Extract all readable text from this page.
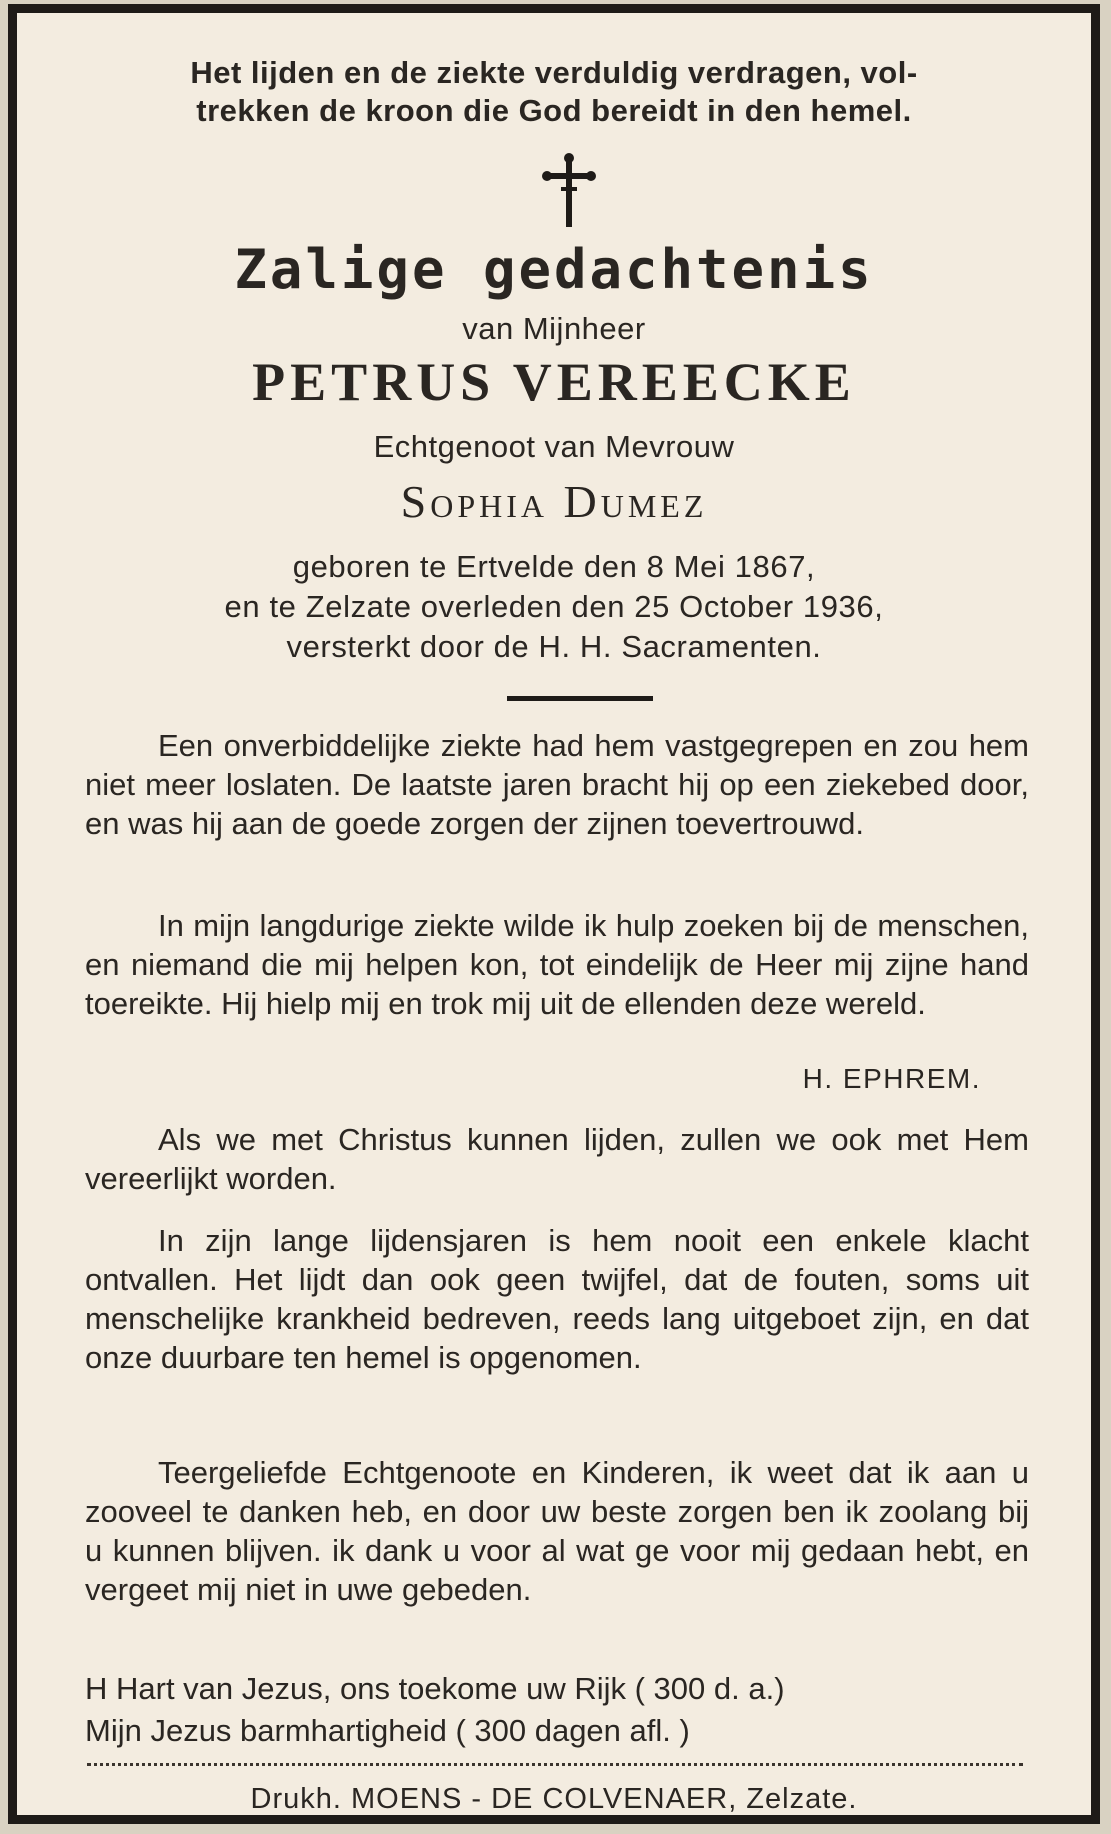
Het lijden en de ziekte verduldig verdragen, vol-
trekken de kroon die God bereidt in den hemel.
Zalige gedachtenis
van Mijnheer
PETRUS VEREECKE
Echtgenoot van Mevrouw
Sophia Dumez
geboren te Ertvelde den 8 Mei 1867,
en te Zelzate overleden den 25 October 1936,
versterkt door de H. H. Sacramenten.

Een onverbiddelijke ziekte had hem vastgegrepen en zou hem niet meer loslaten. De laatste jaren bracht hij op een ziekebed door, en was hij aan de goede zorgen der zijnen toevertrouwd.

In mijn langdurige ziekte wilde ik hulp zoeken bij de menschen, en niemand die mij helpen kon, tot eindelijk de Heer mij zijne hand toereikte. Hij hielp mij en trok mij uit de ellenden deze wereld.

H. EPHREM.

Als we met Christus kunnen lijden, zullen we ook met Hem vereerlijkt worden.

In zijn lange lijdensjaren is hem nooit een enkele klacht ontvallen. Het lijdt dan ook geen twijfel, dat de fouten, soms uit menschelijke krankheid bedreven, reeds lang uitgeboet zijn, en dat onze duurbare ten hemel is opgenomen.

Teergeliefde Echtgenoote en Kinderen, ik weet dat ik aan u zooveel te danken heb, en door uw beste zorgen ben ik zoolang bij u kunnen blijven. ik dank u voor al wat ge voor mij gedaan hebt, en vergeet mij niet in uwe gebeden.

H Hart van Jezus, ons toekome uw Rijk ( 300 d. a.)
Mijn Jezus barmhartigheid ( 300 dagen afl. )
Drukh. MOENS - DE COLVENAER, Zelzate.
